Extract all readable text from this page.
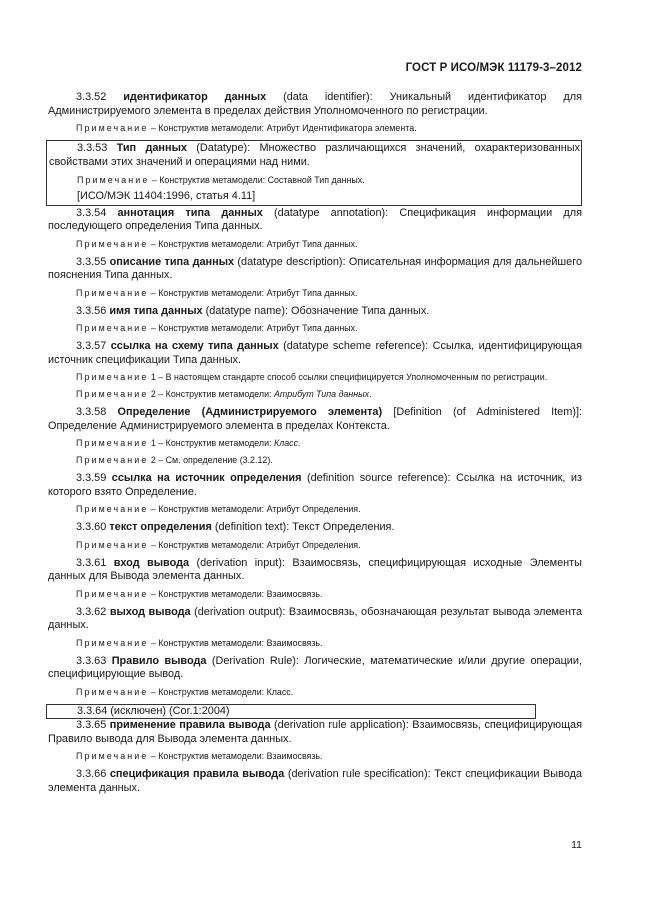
ГОСТ Р ИСО/МЭК 11179-3–2012

3.3.52 идентификатор данных (data identifier): Уникальный идентификатор для Администрируемого элемента в пределах действия Уполномоченного по регистрации.

Примечание – Конструктив метамодели: Атрибут Идентификатора элемента.

3.3.53 Тип данных (Datatype): Множество различающихся значений, охарактеризованных свойствами этих значений и операциями над ними.

Примечание – Конструктив метамодели: Составной Тип данных.

[ИСО/МЭК 11404:1996, статья 4.11]

3.3.54 аннотация типа данных (datatype annotation): Спецификация информации для последующего определения Типа данных.

Примечание – Конструктив метамодели: Атрибут Типа данных.

3.3.55 описание типа данных (datatype description): Описательная информация для дальнейшего пояснения Типа данных.

Примечание – Конструктив метамодели: Атрибут Типа данных.

3.3.56 имя типа данных (datatype name): Обозначение Типа данных.

Примечание – Конструктив метамодели: Атрибут Типа данных.

3.3.57 ссылка на схему типа данных (datatype scheme reference): Ссылка, идентифицирующая источник спецификации Типа данных.

Примечание 1 – В настоящем стандарте способ ссылки специфицируется Уполномоченным по регистрации.

Примечание 2 – Конструктив метамодели: Атрибут Типа данных.

3.3.58 Определение (Администрируемого элемента) [Definition (of Administered Item)]: Определение Администрируемого элемента в пределах Контекста.

Примечание 1 – Конструктив метамодели: Класс.

Примечание 2 – См. определение (3.2.12).

3.3.59 ссылка на источник определения (definition source reference): Ссылка на источник, из которого взято Определение.

Примечание – Конструктив метамодели: Атрибут Определения.

3.3.60 текст определения (definition text): Текст Определения.

Примечание – Конструктив метамодели: Атрибут Определения.

3.3.61 вход вывода (derivation input): Взаимосвязь, специфицирующая исходные Элементы данных для Вывода элемента данных.

Примечание – Конструктив метамодели: Взаимосвязь.

3.3.62 выход вывода (derivation output): Взаимосвязь, обозначающая результат вывода элемента данных.

Примечание – Конструктив метамодели: Взаимосвязь.

3.3.63 Правило вывода (Derivation Rule): Логические, математические и/или другие операции, специфицирующие вывод.

Примечание – Конструктив метамодели: Класс.

3.3.64 (исключен) (Cor.1:2004)

3.3.65 применение правила вывода (derivation rule application): Взаимосвязь, специфицирующая Правило вывода для Вывода элемента данных.

Примечание – Конструктив метамодели: Взаимосвязь.

3.3.66 спецификация правила вывода (derivation rule specification): Текст спецификации Вывода элемента данных.

11
